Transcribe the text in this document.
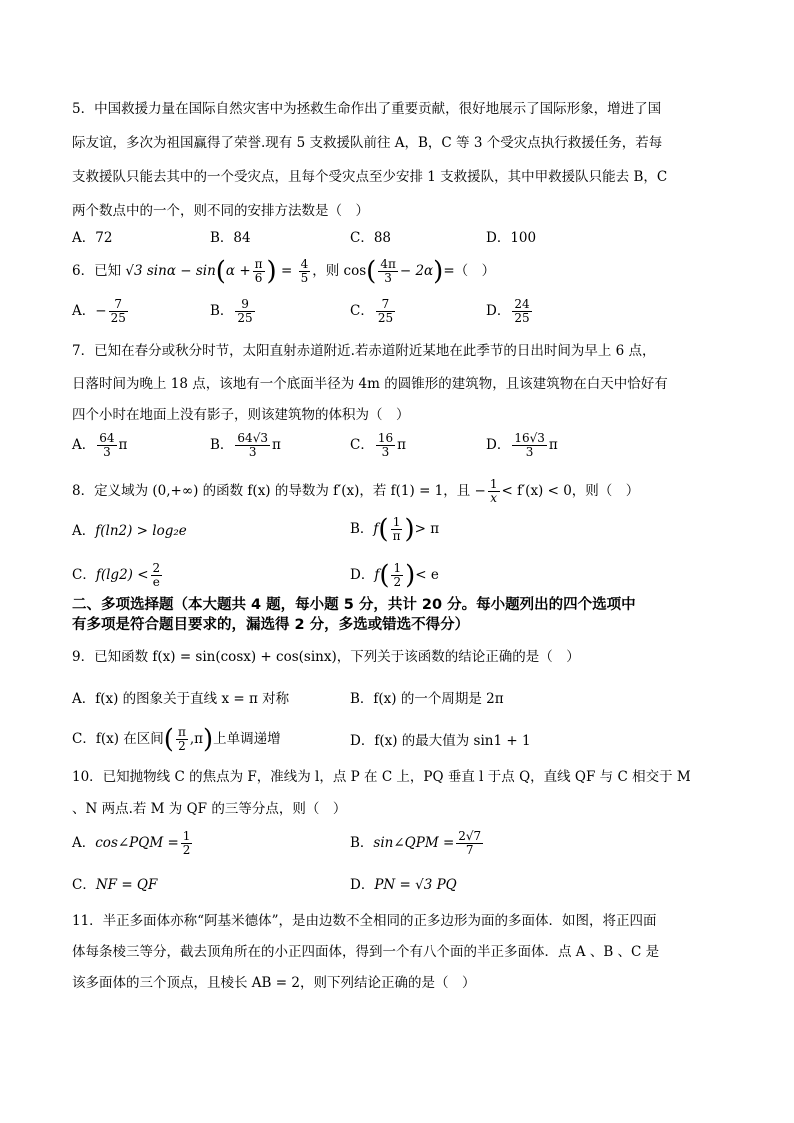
5．中国救援力量在国际自然灾害中为拯救生命作出了重要贡献，很好地展示了国际形象，增进了国
际友谊，多次为祖国赢得了荣誉.现有 5 支救援队前往 A，B，C 等 3 个受灾点执行救援任务，若每
支救援队只能去其中的一个受灾点，且每个受灾点至少安排 1 支救援队，其中甲救援队只能去 B，C
两个数点中的一个，则不同的安排方法数是（　）
A．72	B．84	C．88	D．100
6．已知 √3 $\sin\alpha - \sin(\alpha + \frac{\pi}{6}$ ) = $\frac{4}{5}$ ，则 $\cos( \frac{4\pi}{3} - 2\alpha)=$（　）
A．− $\frac{7}{25}$	B． $\frac{9}{25}$	C． $\frac{7}{25}$	D． $\frac{24}{25}$
7．已知在春分或秋分时节，太阳直射赤道附近.若赤道附近某地在此季节的日出时间为早上 6 点，
日落时间为晚上 18 点，该地有一个底面半径为 4m 的圆锥形的建筑物，且该建筑物在白天中恰好有
四个小时在地面上没有影子，则该建筑物的体积为（　）
A． $\frac{64}{3}$ π	B． $\frac{64√3}{3}$ π	C． $\frac{16}{3}$ π	D． $\frac{16√3}{3}$ π
8．定义域为 (0,+∞) 的函数 f(x) 的导数为 f′(x)，若 f(1) = 1，且 − $\frac{1}{x} < f'(x) < 0$，则（　）
A．f(ln2) > log₂e	B．$f( \frac{1}{\pi}$ )> π
C．$f(\lg 2) < \frac{2}{e}$	D．$f( \frac{1}{2}$ )< e
二、多项选择题（本大题共 4 题，每小题 5 分，共计 20 分。每小题列出的四个选项中
有多项是符合题目要求的，漏选得 2 分，多选或错选不得分）
9．已知函数 f(x) = sin(cosx) + cos(sinx)，下列关于该函数的结论正确的是（　）
A．f(x) 的图象关于直线 x = π 对称	B．f(x) 的一个周期是 2π
C．f(x) 在区间( $\frac{\pi}{2} ,\pi$)上单调递增	D．f(x) 的最大值为 sin1 + 1
10．已知抛物线 C 的焦点为 F，准线为 l，点 P 在 C 上，PQ 垂直 l 于点 Q，直线 QF 与 C 相交于 M
、N 两点.若 M 为 QF 的三等分点，则（　）
A．cos∠PQM = $\frac{1}{2}$	B．sin∠QPM = $\frac{2√7}{7}$
C．NF = QF	D．PN = √3 PQ
11．半正多面体亦称“阿基米德体”，是由边数不全相同的正多边形为面的多面体．如图，将正四面
体每条棱三等分，截去顶角所在的小正四面体，得到一个有八个面的半正多面体．点 A 、B 、C 是
该多面体的三个顶点，且棱长 AB = 2，则下列结论正确的是（　）
